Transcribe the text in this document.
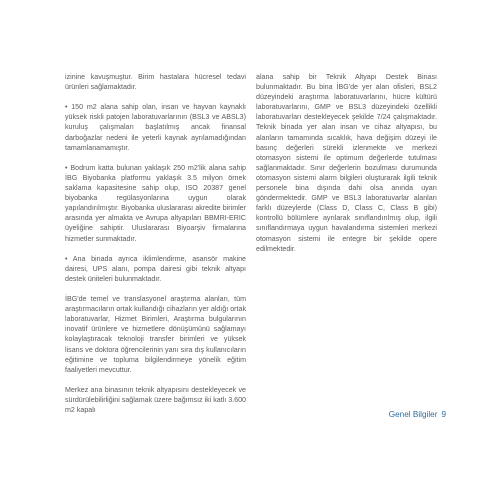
izinine kavuşmuştur. Birim hastalara hücresel tedavi ürünleri sağlamaktadır.

• 150 m2 alana sahip olan, insan ve hayvan kaynaklı yüksek riskli patojen laboratuvarlarının (BSL3 ve ABSL3) kuruluş çalışmaları başlatılmış ancak finansal darboğazlar nedeni ile yeterli kaynak ayrılamadığından tamamlanamamıştır.

• Bodrum katta bulunan yaklaşık 250 m2'lik alana sahip İBG Biyobanka platformu yaklaşık 3.5 milyon örnek saklama kapasitesine sahip olup, ISO 20387 genel biyobanka regülasyonlarına uygun olarak yapılandırılmıştır. Biyobanka uluslararası akredite birimler arasında yer almakta ve Avrupa altyapıları BBMRI-ERIC üyeliğine sahiptir. Uluslararası Biyoarşiv firmalarına hizmetler sunmaktadır.

• Ana binada ayrıca iklimlendirme, asansör makine dairesi, UPS alanı, pompa dairesi gibi teknik altyapı destek üniteleri bulunmaktadır.

İBG'de temel ve translasyonel araştırma alanları, tüm araştırmacıların ortak kullandığı cihazların yer aldığı ortak laboratuvarlar, Hizmet Birimleri, Araştırma bulgularının inovatif ürünlere ve hizmetlere dönüşümünü sağlamayı kolaylaştıracak teknoloji transfer birimleri ve yüksek lisans ve doktora öğrencilerinin yanı sıra dış kullanıcıların eğitimine ve topluma bilgilendirmeye yönelik eğitim faaliyetleri mevcuttur.

Merkez ana binasının teknik altyapısını destekleyecek ve sürdürülebilirliğini sağlamak üzere bağımsız iki katlı 3.600 m2 kapalı

alana sahip bir Teknik Altyapı Destek Binası bulunmaktadır. Bu bina İBG'de yer alan ofisleri, BSL2 düzeyindeki araştırma laboratuvarlarını, hücre kültürü laboratuvarlarını, GMP ve BSL3 düzeyindeki özellikli laboratuvarları destekleyecek şekilde 7/24 çalışmaktadır. Teknik binada yer alan insan ve cihaz altyapısı, bu alanların tamamında sıcaklık, hava değişim düzeyi ile basınç değerleri sürekli izlenmekte ve merkezi otomasyon sistemi ile optimum değerlerde tutulması sağlanmaktadır. Sınır değerlerin bozulması durumunda otomasyon sistemi alarm bilgileri oluşturarak ilgili teknik personele bina dışında dahi olsa anında uyarı göndermektedir. GMP ve BSL3 laboratuvarlar alanları farklı düzeylerde (Class D, Class C, Class B gibi) kontrollü bölümlere ayrılarak sınıflandırılmış olup, ilgili sınıflandırmaya uygun havalandırma sistemleri merkezi otomasyon sistemi ile entegre bir şekilde opere edilmektedir.

Genel Bilgiler 9
